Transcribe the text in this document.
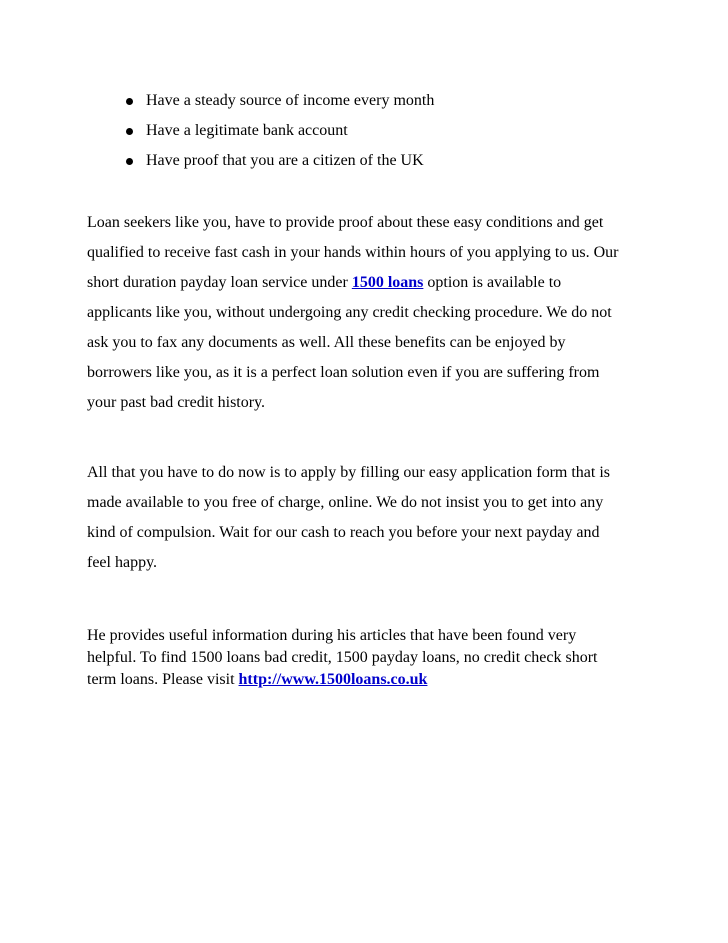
Have a steady source of income every month
Have a legitimate bank account
Have proof that you are a citizen of the UK

Loan seekers like you, have to provide proof about these easy conditions and get
qualified to receive fast cash in your hands within hours of you applying to us. Our
short duration payday loan service under 1500 loans option is available to
applicants like you, without undergoing any credit checking procedure. We do not
ask you to fax any documents as well. All these benefits can be enjoyed by
borrowers like you, as it is a perfect loan solution even if you are suffering from
your past bad credit history.

All that you have to do now is to apply by filling our easy application form that is
made available to you free of charge, online. We do not insist you to get into any
kind of compulsion. Wait for our cash to reach you before your next payday and
feel happy.

He provides useful information during his articles that have been found very
helpful. To find 1500 loans bad credit, 1500 payday loans, no credit check short
term loans. Please visit http://www.1500loans.co.uk
